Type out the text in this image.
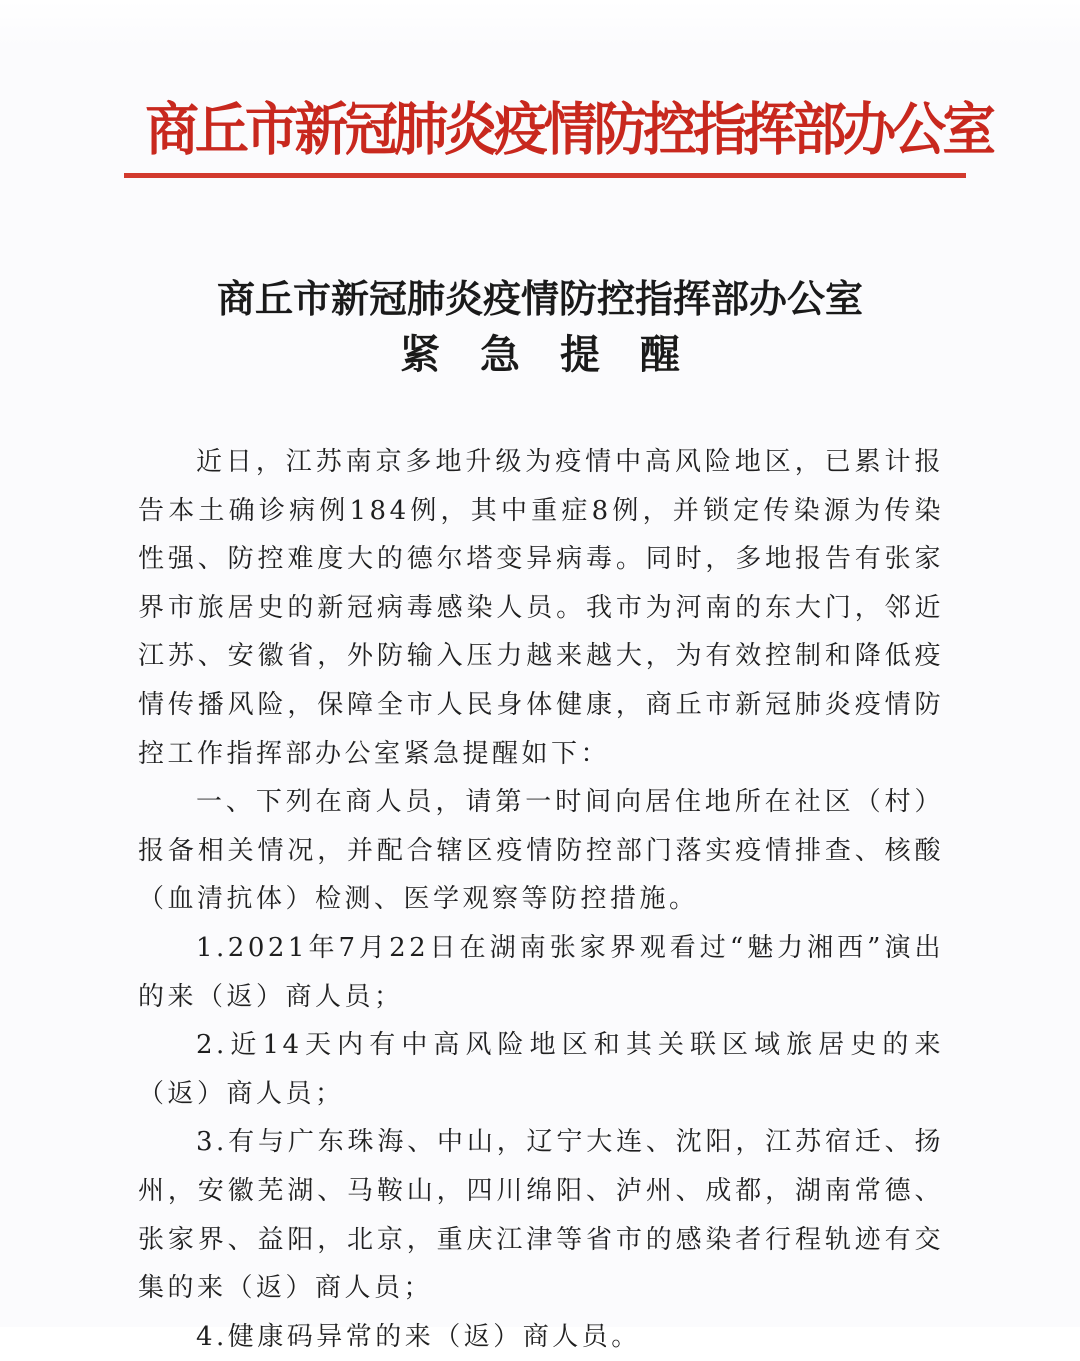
商丘市新冠肺炎疫情防控指挥部办公室
商丘市新冠肺炎疫情防控指挥部办公室
紧急提醒

近日，江苏南京多地升级为疫情中高风险地区，已累计报告本土确诊病例184例，其中重症8例，并锁定传染源为传染性强、防控难度大的德尔塔变异病毒。同时，多地报告有张家界市旅居史的新冠病毒感染人员。我市为河南的东大门，邻近江苏、安徽省，外防输入压力越来越大，为有效控制和降低疫情传播风险，保障全市人民身体健康，商丘市新冠肺炎疫情防控工作指挥部办公室紧急提醒如下：

一、下列在商人员，请第一时间向居住地所在社区（村）报备相关情况，并配合辖区疫情防控部门落实疫情排查、核酸（血清抗体）检测、医学观察等防控措施。

1.2021年7月22日在湖南张家界观看过“魅力湘西”演出的来（返）商人员；

2.近14天内有中高风险地区和其关联区域旅居史的来（返）商人员；

3.有与广东珠海、中山，辽宁大连、沈阳，江苏宿迁、扬州，安徽芜湖、马鞍山，四川绵阳、泸州、成都，湖南常德、张家界、益阳，北京，重庆江津等省市的感染者行程轨迹有交集的来（返）商人员；

4.健康码异常的来（返）商人员。
